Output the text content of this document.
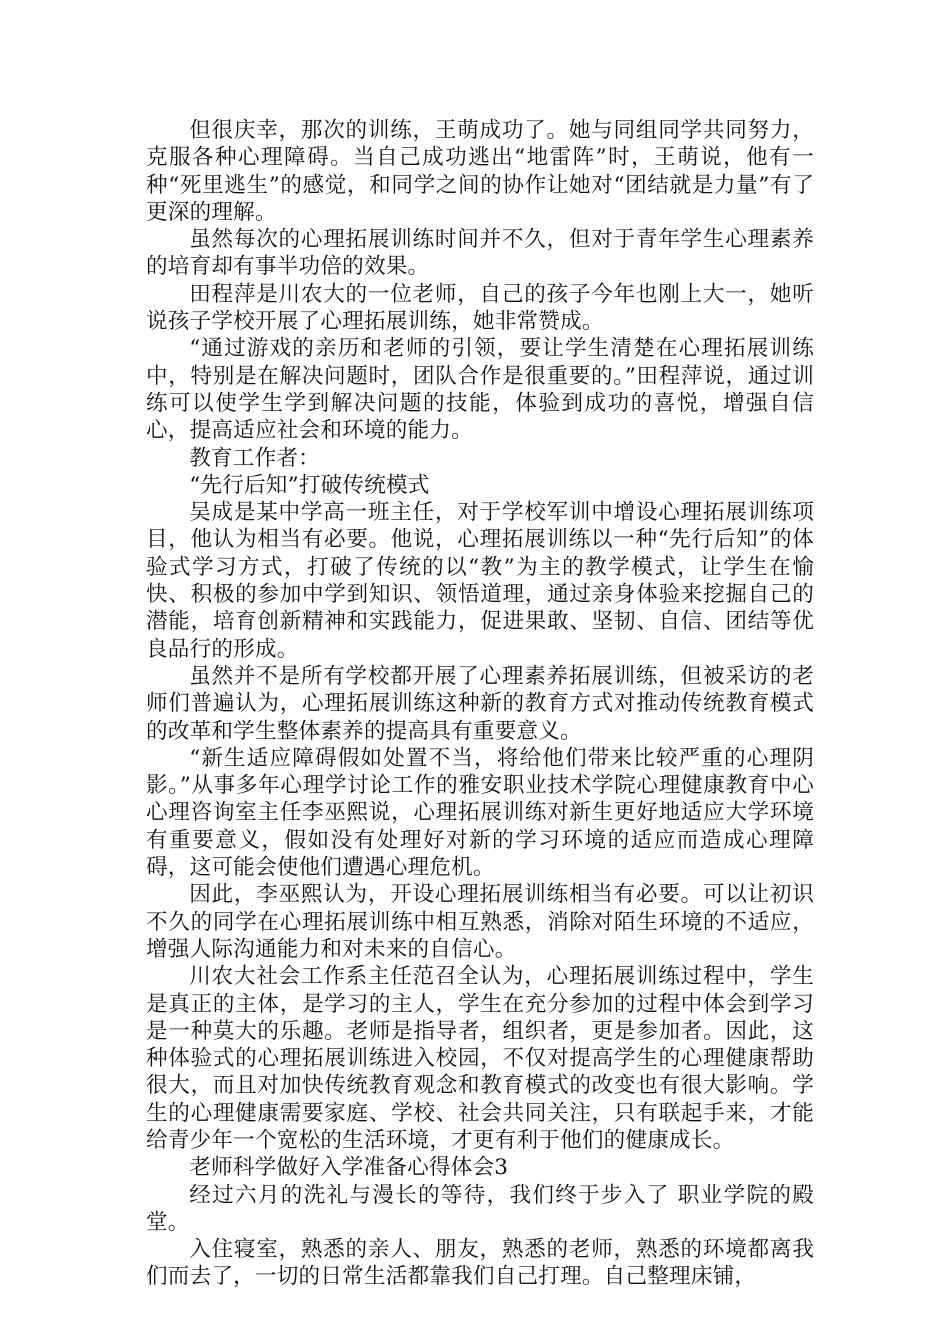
但很庆幸，那次的训练，王萌成功了。她与同组同学共同努力，克服各种心理障碍。当自己成功逃出“地雷阵”时，王萌说，他有一种“死里逃生”的感觉，和同学之间的协作让她对“团结就是力量”有了更深的理解。

虽然每次的心理拓展训练时间并不久，但对于青年学生心理素养的培育却有事半功倍的效果。

田程萍是川农大的一位老师，自己的孩子今年也刚上大一，她听说孩子学校开展了心理拓展训练，她非常赞成。

“通过游戏的亲历和老师的引领，要让学生清楚在心理拓展训练中，特别是在解决问题时，团队合作是很重要的。”田程萍说，通过训练可以使学生学到解决问题的技能，体验到成功的喜悦，增强自信心，提高适应社会和环境的能力。

教育工作者：

“先行后知”打破传统模式

吴成是某中学高一班主任，对于学校军训中增设心理拓展训练项目，他认为相当有必要。他说，心理拓展训练以一种“先行后知”的体验式学习方式，打破了传统的以“教”为主的教学模式，让学生在愉快、积极的参加中学到知识、领悟道理，通过亲身体验来挖掘自己的潜能，培育创新精神和实践能力，促进果敢、坚韧、自信、团结等优良品行的形成。

虽然并不是所有学校都开展了心理素养拓展训练，但被采访的老师们普遍认为，心理拓展训练这种新的教育方式对推动传统教育模式的改革和学生整体素养的提高具有重要意义。

“新生适应障碍假如处置不当，将给他们带来比较严重的心理阴影。”从事多年心理学讨论工作的雅安职业技术学院心理健康教育中心心理咨询室主任李巫熙说，心理拓展训练对新生更好地适应大学环境有重要意义，假如没有处理好对新的学习环境的适应而造成心理障碍，这可能会使他们遭遇心理危机。

因此，李巫熙认为，开设心理拓展训练相当有必要。可以让初识不久的同学在心理拓展训练中相互熟悉，消除对陌生环境的不适应，增强人际沟通能力和对未来的自信心。

川农大社会工作系主任范召全认为，心理拓展训练过程中，学生是真正的主体，是学习的主人，学生在充分参加的过程中体会到学习是一种莫大的乐趣。老师是指导者，组织者，更是参加者。因此，这种体验式的心理拓展训练进入校园，不仅对提高学生的心理健康帮助很大，而且对加快传统教育观念和教育模式的改变也有很大影响。学生的心理健康需要家庭、学校、社会共同关注，只有联起手来，才能给青少年一个宽松的生活环境，才更有利于他们的健康成长。

老师科学做好入学准备心得体会3

经过六月的洗礼与漫长的等待，我们终于步入了 职业学院的殿堂。

入住寝室，熟悉的亲人、朋友，熟悉的老师，熟悉的环境都离我们而去了，一切的日常生活都靠我们自己打理。自己整理床铺，
